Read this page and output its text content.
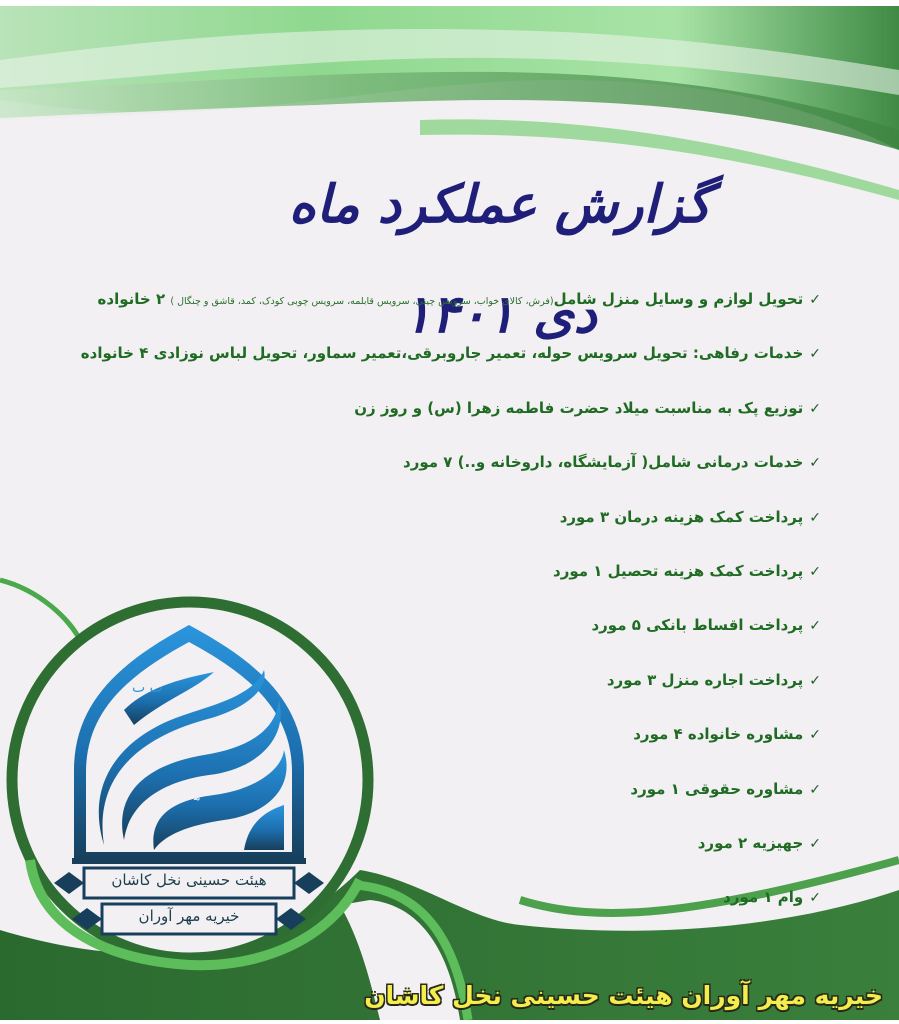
گزارش عملکرد ماه دی ۱۴۰۱	✓تحویل لوازم و وسایل منزل شامل(فرش، کالای خواب، سرویس چینی، سرویس قابلمه، سرویس چوبی کودک، کمد، قاشق و چنگال ) ۲ خانواده
✓خدمات رفاهی: تحویل سرویس حوله، تعمیر جاروبرقی،تعمیر سماور، تحویل لباس نوزادی ۴ خانواده
✓توزیع پک به مناسبت میلاد حضرت فاطمه زهرا (س) و روز زن
✓خدمات درمانی شامل( آزمایشگاه، داروخانه و..) ۷ مورد
✓پرداخت کمک هزینه درمان ۳ مورد
✓پرداخت کمک هزینه تحصیل ۱ مورد
✓پرداخت اقساط بانکی ۵ مورد
✓پرداخت اجاره منزل ۳ مورد
✓مشاوره خانواده ۴ مورد
✓مشاوره حقوقی ۱ مورد
✓جهیزیه ۲ مورد
✓وام ۱ مورد
ٮ ٮ
ﻫ
هیئت حسینی نخل کاشان
خیریه مهر آوران
خیریه مهر آوران هیئت حسینی نخل کاشان
